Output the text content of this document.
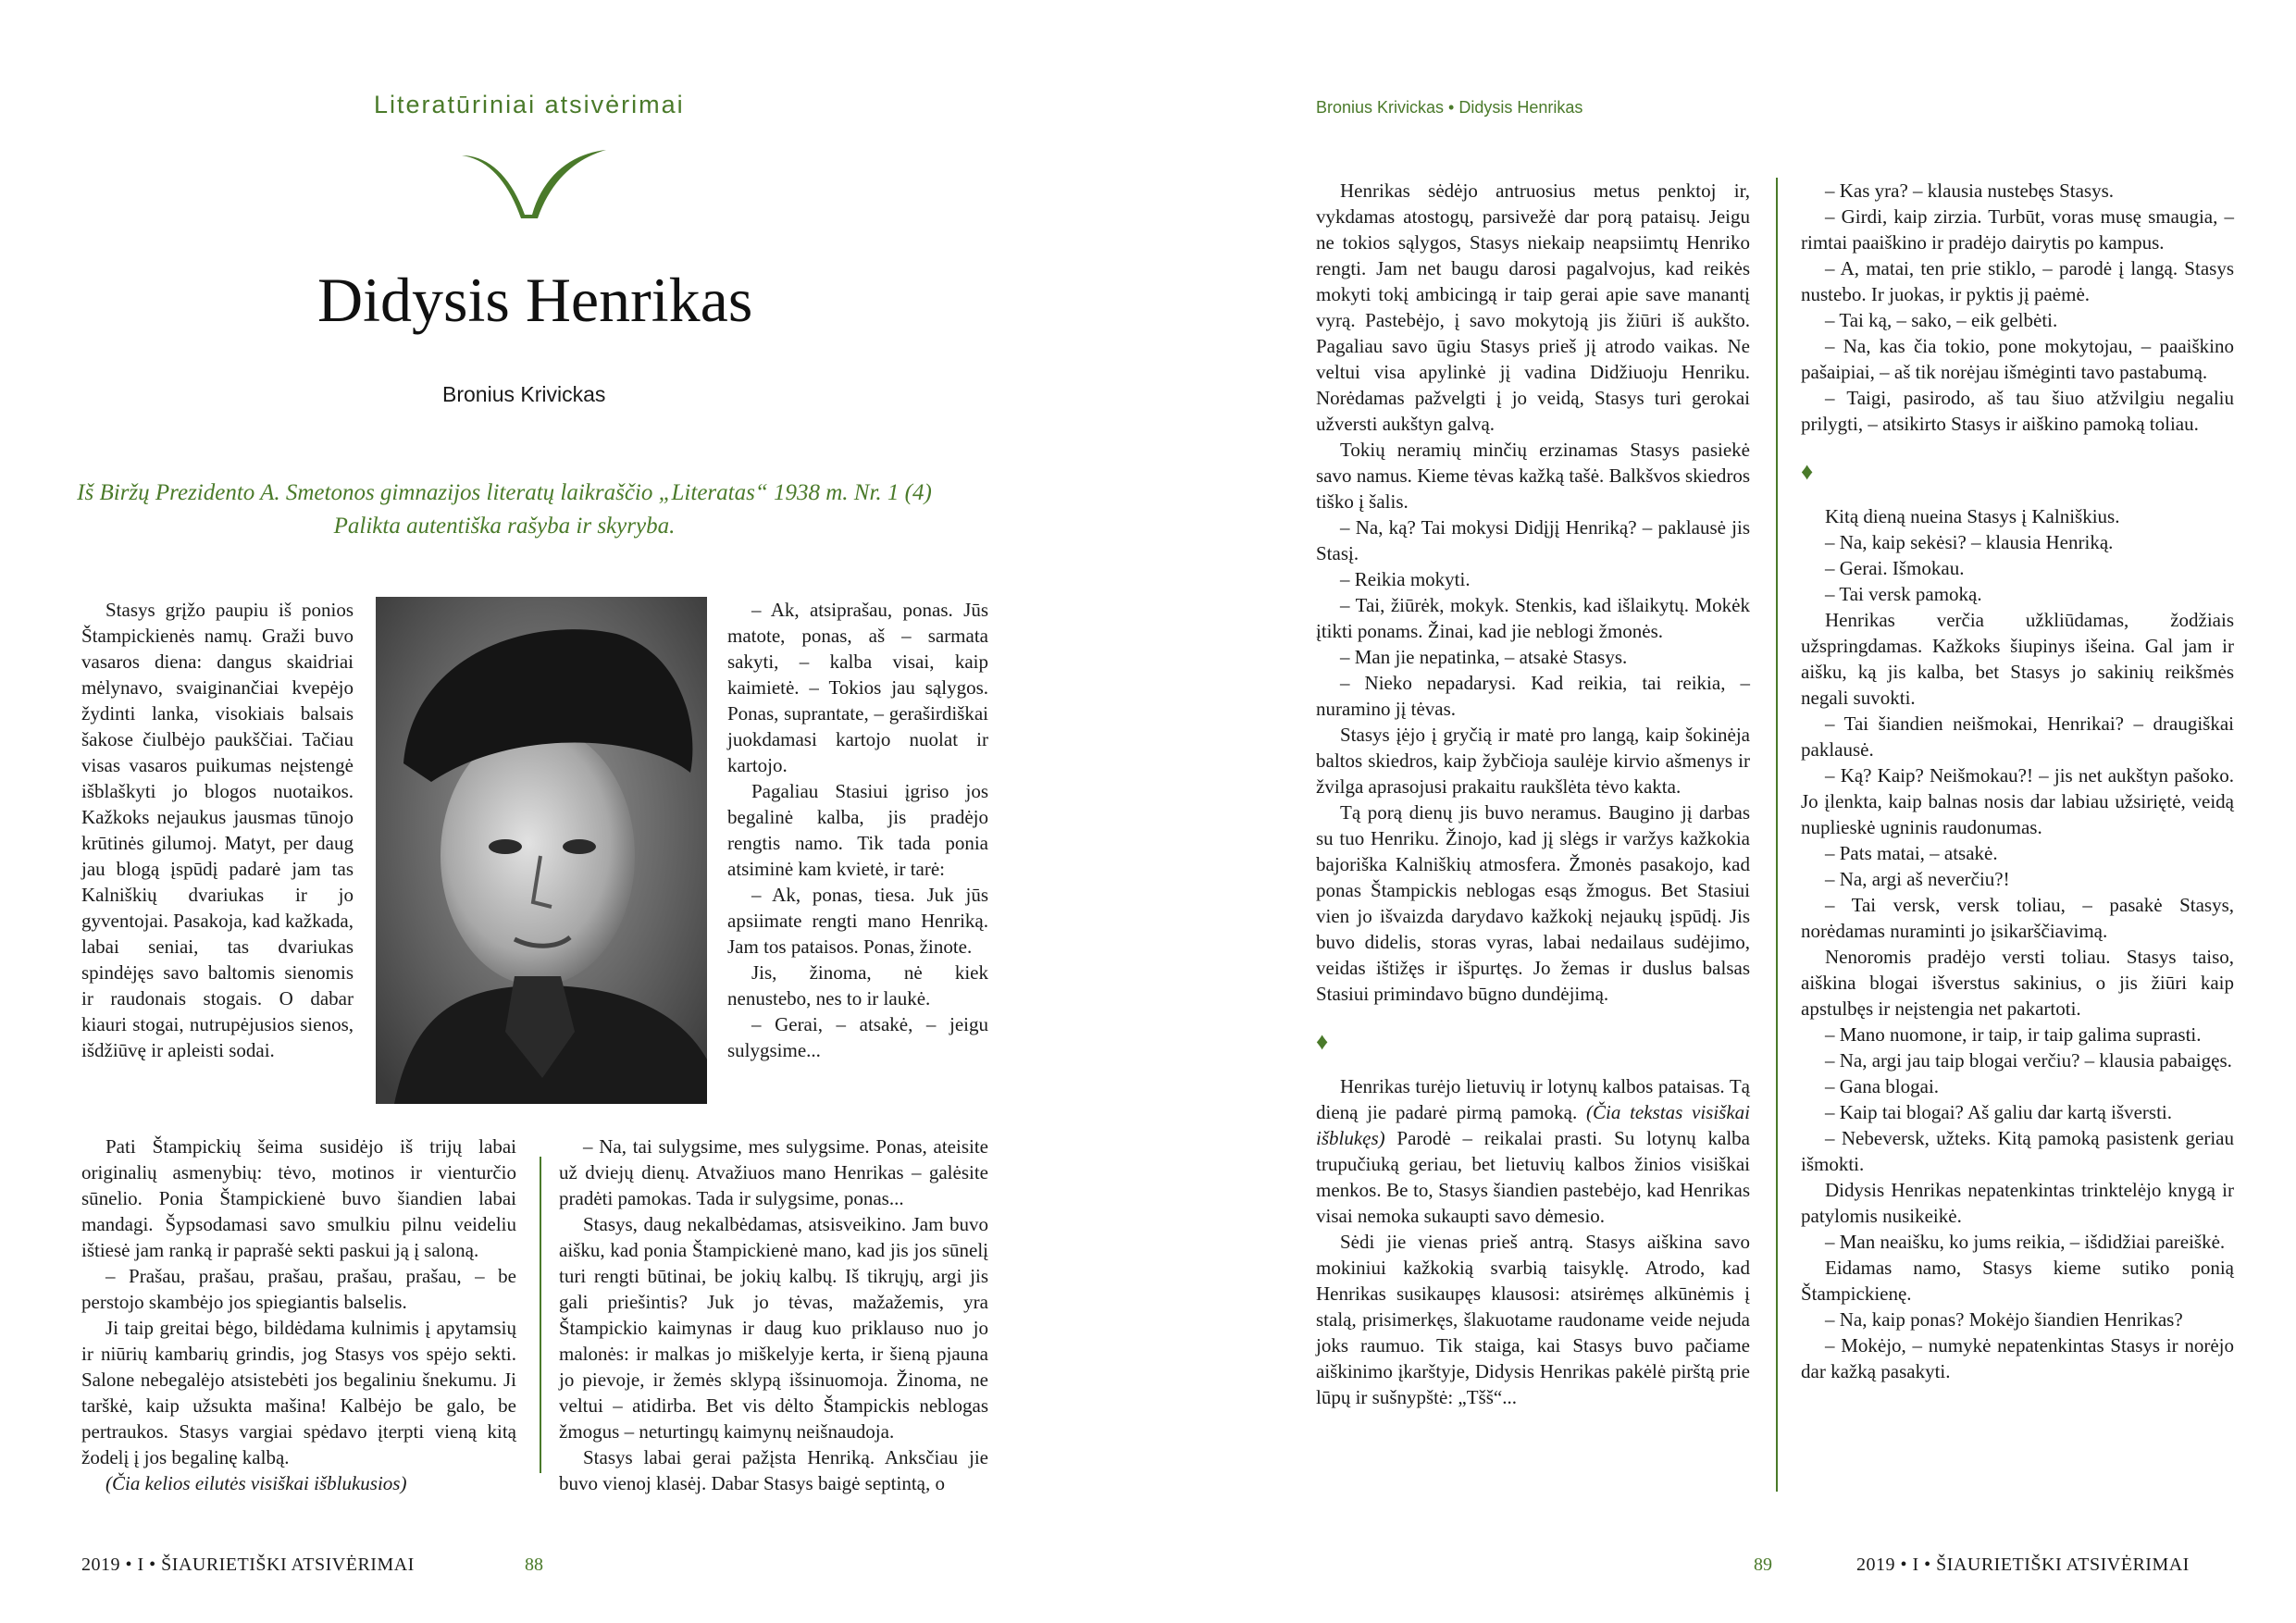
Literatūriniai atsivėrimai
Didysis Henrikas
Bronius Krivickas
Iš Biržų Prezidento A. Smetonos gimnazijos literatų laikraščio „Literatas“ 1938 m. Nr. 1 (4)
Palikta autentiška rašyba ir skyryba.

Stasys grįžo paupiu iš ponios Štampickienės namų. Graži buvo vasaros diena: dangus skaidriai mėlynavo, svaiginančiai kvepėjo žydinti lanka, visokiais balsais šakose čiulbėjo paukščiai. Tačiau visas vasaros puikumas neįstengė išblaškyti jo blogos nuotaikos. Kažkoks nejaukus jausmas tūnojo krūtinės gilumoj. Matyt, per daug jau blogą įspūdį padarė jam tas Kalniškių dvariukas ir jo gyventojai. Pasakoja, kad kažkada, labai seniai, tas dvariukas spindėjęs savo baltomis sienomis ir raudonais stogais. O dabar kiauri stogai, nutrupėjusios sienos, išdžiūvę ir apleisti sodai.

Pati Štampickių šeima susidėjo iš trijų labai originalių asmenybių: tėvo, motinos ir vienturčio sūnelio. Ponia Štampickienė buvo šiandien labai mandagi. Šypsodamasi savo smulkiu pilnu veideliu ištiesė jam ranką ir paprašė sekti paskui ją į saloną.

– Prašau, prašau, prašau, prašau, prašau, – be perstojo skambėjo jos spiegiantis balselis.

Ji taip greitai bėgo, bildėdama kulnimis į apytamsių ir niūrių kambarių grindis, jog Stasys vos spėjo sekti. Salone nebegalėjo atsistebėti jos begaliniu šnekumu. Ji tarškė, kaip užsukta mašina! Kalbėjo be galo, be pertraukos. Stasys vargiai spėdavo įterpti vieną kitą žodelį į jos begalinę kalbą.

(Čia kelios eilutės visiškai išblukusios)

– Ak, atsiprašau, ponas. Jūs matote, ponas, aš – sarmata sakyti, – kalba visai, kaip kaimietė. – Tokios jau sąlygos. Ponas, suprantate, – geraširdiškai juokdamasi kartojo nuolat ir kartojo.

Pagaliau Stasiui įgriso jos begalinė kalba, jis pradėjo rengtis namo. Tik tada ponia atsiminė kam kvietė, ir tarė:

– Ak, ponas, tiesa. Juk jūs apsiimate rengti mano Henriką. Jam tos pataisos. Ponas, žinote.

Jis, žinoma, nė kiek nenustebo, nes to ir laukė.

– Gerai, – atsakė, – jeigu sulygsime...

– Na, tai sulygsime, mes sulygsime. Ponas, ateisite už dviejų dienų. Atvažiuos mano Henrikas – galėsite pradėti pamokas. Tada ir sulygsime, ponas...

Stasys, daug nekalbėdamas, atsisveikino. Jam buvo aišku, kad ponia Štampickienė mano, kad jis jos sūnelį turi rengti būtinai, be jokių kalbų. Iš tikrųjų, argi jis gali priešintis? Juk jo tėvas, mažažemis, yra Štampickio kaimynas ir daug kuo priklauso nuo jo malonės: ir malkas jo miškelyje kerta, ir šieną pjauna jo pievoje, ir žemės sklypą išsinuomoja. Žinoma, ne veltui – atidirba. Bet vis dėlto Štampickis neblogas žmogus – neturtingų kaimynų neišnaudoja.

Stasys labai gerai pažįsta Henriką. Anksčiau jie buvo vienoj klasėj. Dabar Stasys baigė septintą, o

2019 • I • ŠIAURIETIŠKI ATSIVĖRIMAI	88
Bronius Krivickas • Didysis Henrikas

Henrikas sėdėjo antruosius metus penktoj ir, vykdamas atostogų, parsivežė dar porą pataisų. Jeigu ne tokios sąlygos, Stasys niekaip neapsiimtų Henriko rengti. Jam net baugu darosi pagalvojus, kad reikės mokyti tokį ambicingą ir taip gerai apie save manantį vyrą. Pastebėjo, į savo mokytoją jis žiūri iš aukšto. Pagaliau savo ūgiu Stasys prieš jį atrodo vaikas. Ne veltui visa apylinkė jį vadina Didžiuoju Henriku. Norėdamas pažvelgti į jo veidą, Stasys turi gerokai užversti aukštyn galvą.

Tokių neramių minčių erzinamas Stasys pasiekė savo namus. Kieme tėvas kažką tašė. Balkšvos skiedros tiško į šalis.

– Na, ką? Tai mokysi Didįjį Henriką? – paklausė jis Stasį.

– Reikia mokyti.

– Tai, žiūrėk, mokyk. Stenkis, kad išlaikytų. Mokėk įtikti ponams. Žinai, kad jie neblogi žmonės.

– Man jie nepatinka, – atsakė Stasys.

– Nieko nepadarysi. Kad reikia, tai reikia, – nuramino jį tėvas.

Stasys įėjo į gryčią ir matė pro langą, kaip šokinėja baltos skiedros, kaip žybčioja saulėje kirvio ašmenys ir žvilga aprasojusi prakaitu raukšlėta tėvo kakta.

Tą porą dienų jis buvo neramus. Baugino jį darbas su tuo Henriku. Žinojo, kad jį slėgs ir varžys kažkokia bajoriška Kalniškių atmosfera. Žmonės pasakojo, kad ponas Štampickis neblogas esąs žmogus. Bet Stasiui vien jo išvaizda darydavo kažkokį nejaukų įspūdį. Jis buvo didelis, storas vyras, labai nedailaus sudėjimo, veidas ištižęs ir išpurtęs. Jo žemas ir duslus balsas Stasiui primindavo būgno dundėjimą.

♦

Henrikas turėjo lietuvių ir lotynų kalbos pataisas. Tą dieną jie padarė pirmą pamoką. (Čia tekstas visiškai išblukęs) Parodė – reikalai prasti. Su lotynų kalba trupučiuką geriau, bet lietuvių kalbos žinios visiškai menkos. Be to, Stasys šiandien pastebėjo, kad Henrikas visai nemoka sukaupti savo dėmesio.

Sėdi jie vienas prieš antrą. Stasys aiškina savo mokiniui kažkokią svarbią taisyklę. Atrodo, kad Henrikas susikaupęs klausosi: atsirėmęs alkūnėmis į stalą, prisimerkęs, šlakuotame raudoname veide nejuda joks raumuo. Tik staiga, kai Stasys buvo pačiame aiškinimo įkarštyje, Didysis Henrikas pakėlė pirštą prie lūpų ir sušnypštė: „Tšš“...

– Kas yra? – klausia nustebęs Stasys.

– Girdi, kaip zirzia. Turbūt, voras musę smaugia, – rimtai paaiškino ir pradėjo dairytis po kampus.

– A, matai, ten prie stiklo, – parodė į langą. Stasys nustebo. Ir juokas, ir pyktis jį paėmė.

– Tai ką, – sako, – eik gelbėti.

– Na, kas čia tokio, pone mokytojau, – paaiškino pašaipiai, – aš tik norėjau išmėginti tavo pastabumą.

– Taigi, pasirodo, aš tau šiuo atžvilgiu negaliu prilygti, – atsikirto Stasys ir aiškino pamoką toliau.

♦

Kitą dieną nueina Stasys į Kalniškius.

– Na, kaip sekėsi? – klausia Henriką.

– Gerai. Išmokau.

– Tai versk pamoką.

Henrikas verčia užkliūdamas, žodžiais užspringdamas. Kažkoks šiupinys išeina. Gal jam ir aišku, ką jis kalba, bet Stasys jo sakinių reikšmės negali suvokti.

– Tai šiandien neišmokai, Henrikai? – draugiškai paklausė.

– Ką? Kaip? Neišmokau?! – jis net aukštyn pašoko. Jo įlenkta, kaip balnas nosis dar labiau užsiriętė, veidą nuplieskė ugninis raudonumas.

– Pats matai, – atsakė.

– Na, argi aš neverčiu?!

– Tai versk, versk toliau, – pasakė Stasys, norėdamas nuraminti jo įsikarščiavimą.

Nenoromis pradėjo versti toliau. Stasys taiso, aiškina blogai išverstus sakinius, o jis žiūri kaip apstulbęs ir neįstengia net pakartoti.

– Mano nuomone, ir taip, ir taip galima suprasti.

– Na, argi jau taip blogai verčiu? – klausia pabaigęs.

– Gana blogai.

– Kaip tai blogai? Aš galiu dar kartą išversti.

– Nebeversk, užteks. Kitą pamoką pasistenk geriau išmokti.

Didysis Henrikas nepatenkintas trinktelėjo knygą ir patylomis nusikeikė.

– Man neaišku, ko jums reikia, – išdidžiai pareiškė.

Eidamas namo, Stasys kieme sutiko ponią Štampickienę.

– Na, kaip ponas? Mokėjo šiandien Henrikas?

– Mokėjo, – numykė nepatenkintas Stasys ir norėjo dar kažką pasakyti.

89	2019 • I • ŠIAURIETIŠKI ATSIVĖRIMAI
